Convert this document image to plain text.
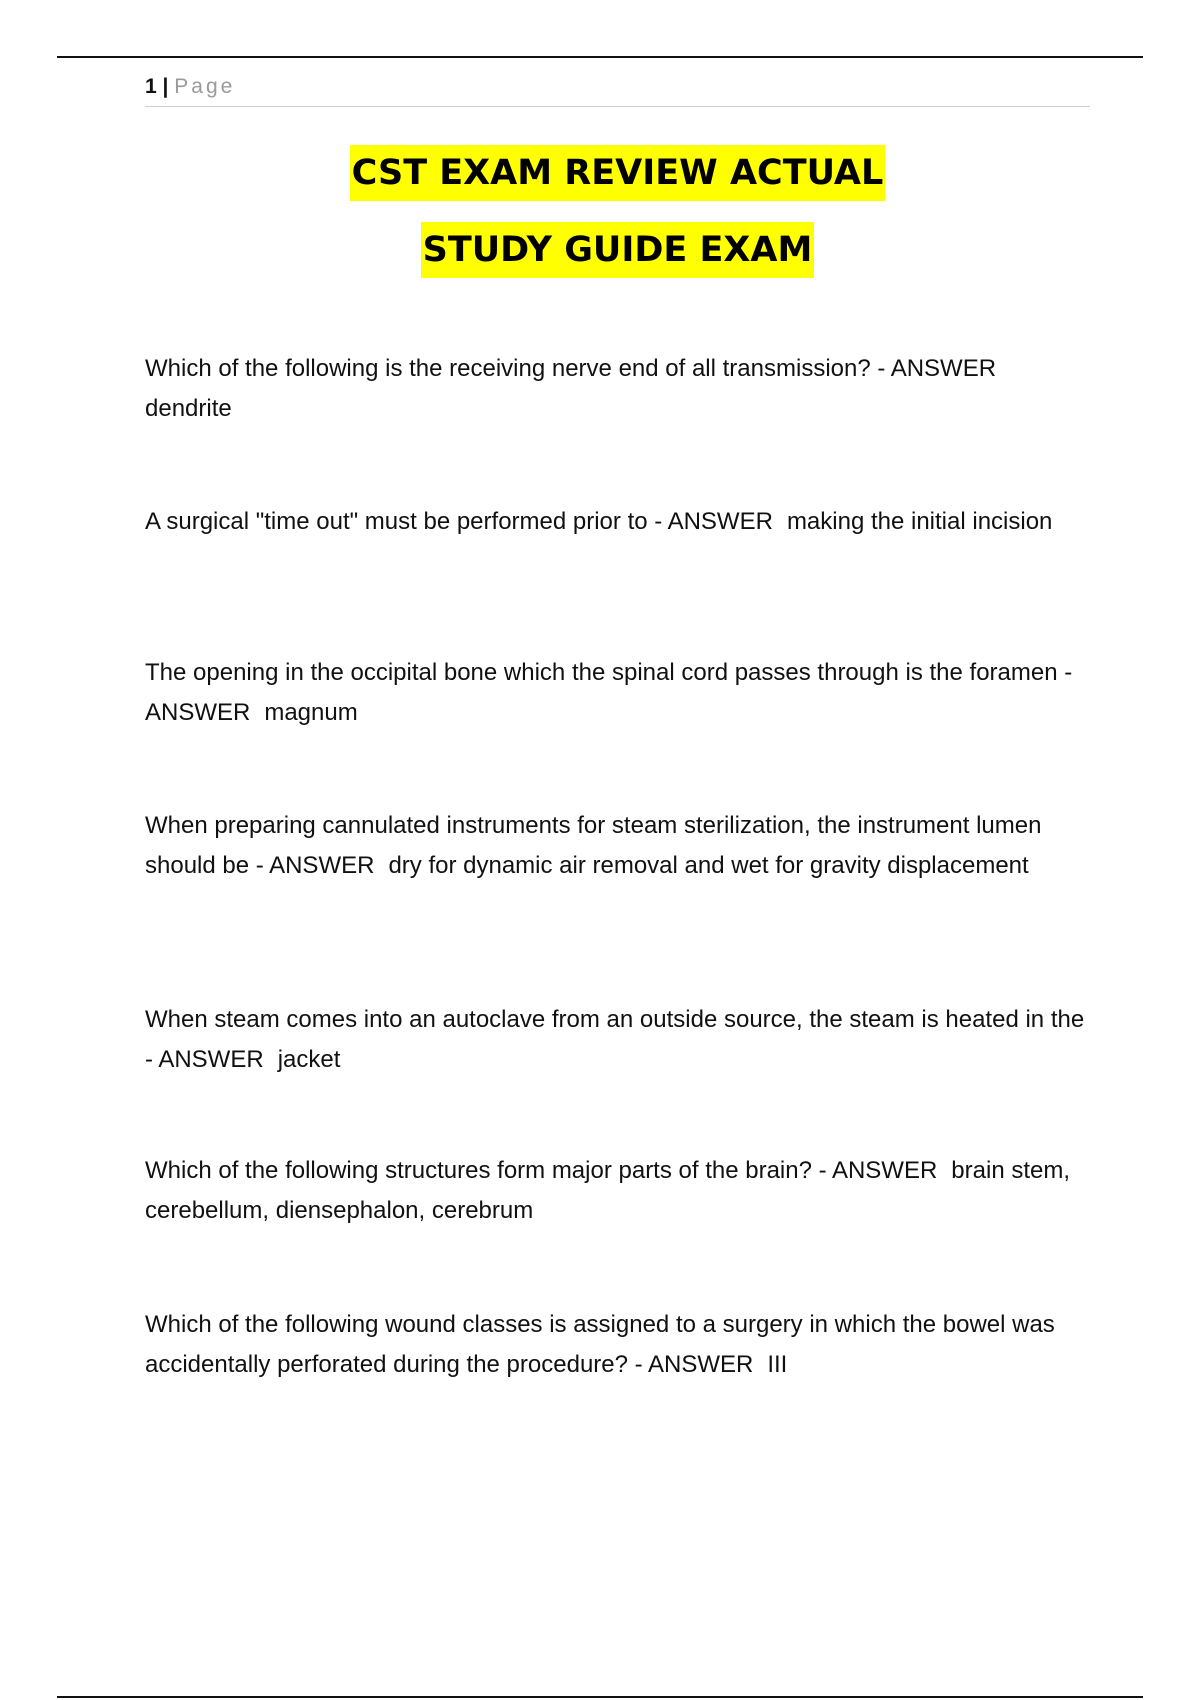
1 | Page
CST EXAM REVIEW ACTUAL
STUDY GUIDE EXAM

Which of the following is the receiving nerve end of all transmission? - ANSWERdendrite

A surgical "time out" must be performed prior to - ANSWER making the initial incision

The opening in the occipital bone which the spinal cord passes through is the foramen - ANSWER magnum

When preparing cannulated instruments for steam sterilization, the instrument lumen should be - ANSWER dry for dynamic air removal and wet for gravity displacement

When steam comes into an autoclave from an outside source, the steam is heated in the - ANSWER jacket

Which of the following structures form major parts of the brain? - ANSWER brain stem, cerebellum, diensephalon, cerebrum

Which of the following wound classes is assigned to a surgery in which the bowel was accidentally perforated during the procedure? - ANSWER III
